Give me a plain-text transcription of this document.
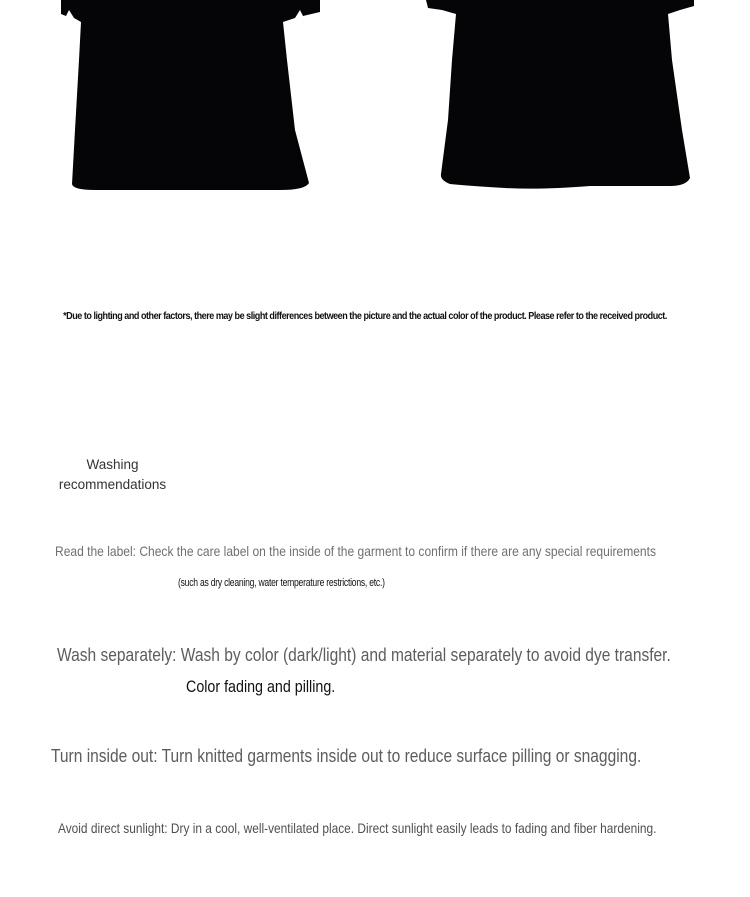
*Due to lighting and other factors, there may be slight differences between the picture and the actual color of the product. Please refer to the received product.
Washing
recommendations
Read the label: Check the care label on the inside of the garment to confirm if there are any special requirements
(such as dry cleaning, water temperature restrictions, etc.)
Wash separately: Wash by color (dark/light) and material separately to avoid dye transfer.
Color fading and pilling.
Turn inside out: Turn knitted garments inside out to reduce surface pilling or snagging.
Avoid direct sunlight: Dry in a cool, well-ventilated place. Direct sunlight easily leads to fading and fiber hardening.
